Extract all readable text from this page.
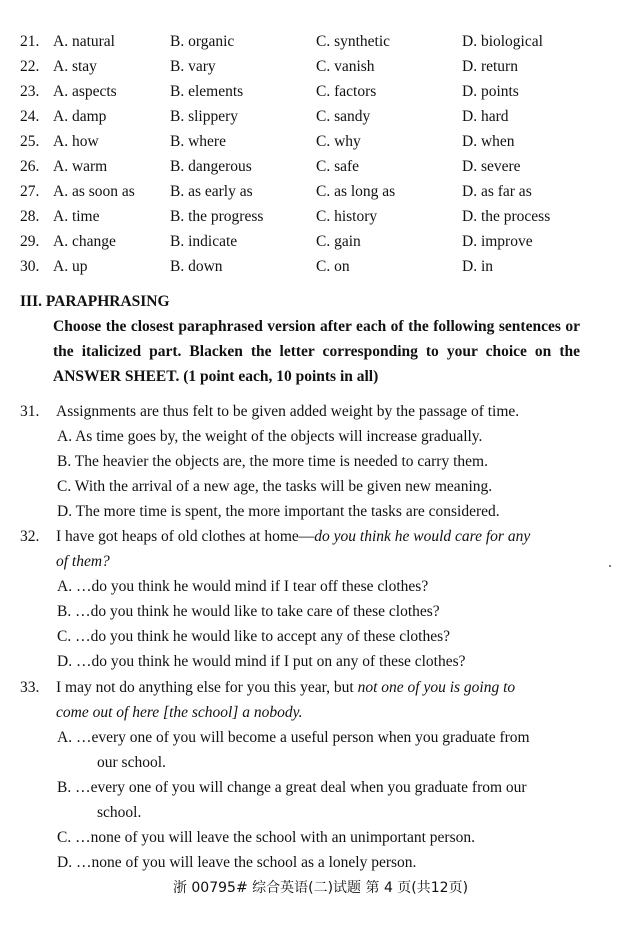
21. A. natural	B. organic	C. synthetic	D. biological
22. A. stay	B. vary	C. vanish	D. return
23. A. aspects	B. elements	C. factors	D. points
24. A. damp	B. slippery	C. sandy	D. hard
25. A. how	B. where	C. why	D. when
26. A. warm	B. dangerous	C. safe	D. severe
27. A. as soon as B. as early as	C. as long as	D. as far as
28. A. time	B. the progress	C. history	D. the process
29. A. change	B. indicate	C. gain	D. improve
30. A. up	B. down	C. on	D. in
III. PARAPHRASING
Choose the closest paraphrased version after each of the following sentences or the italicized part. Blacken the letter corresponding to your choice on the ANSWER SHEET. (1 point each, 10 points in all)
31. Assignments are thus felt to be given added weight by the passage of time.
A. As time goes by, the weight of the objects will increase gradually.
B. The heavier the objects are, the more time is needed to carry them.
C. With the arrival of a new age, the tasks will be given new meaning.
D. The more time is spent, the more important the tasks are considered.
32. I have got heaps of old clothes at home—do you think he would care for any
of them?
A. …do you think he would mind if I tear off these clothes?
B. …do you think he would like to take care of these clothes?
C. …do you think he would like to accept any of these clothes?
D. …do you think he would mind if I put on any of these clothes?
33. I may not do anything else for you this year, but not one of you is going to
come out of here [the school] a nobody.
A. …every one of you will become a useful person when you graduate from
our school.
B. …every one of you will change a great deal when you graduate from our
school.
C. …none of you will leave the school with an unimportant person.
D. …none of you will leave the school as a lonely person.
浙 00795# 综合英语(二)试题 第 4 页(共12页)
